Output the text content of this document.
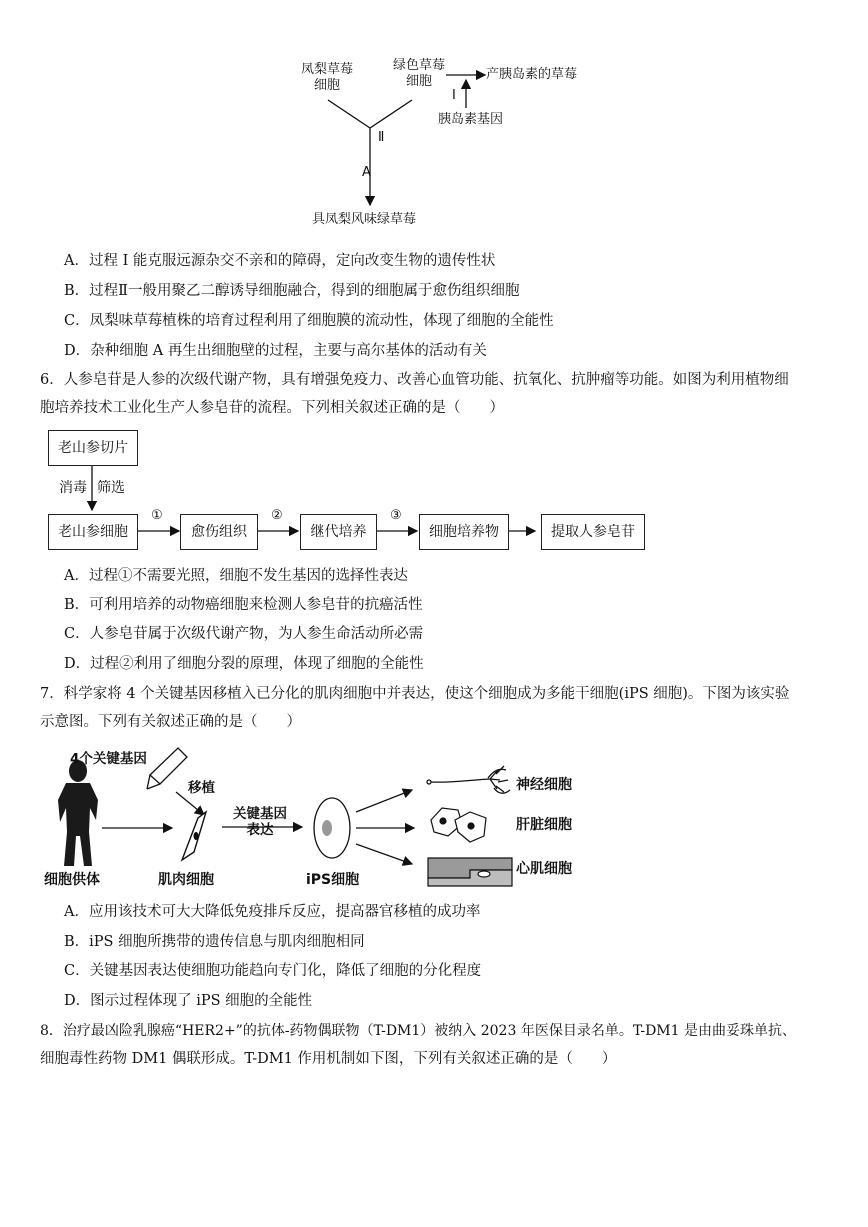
凤梨草莓
细胞
绿色草莓
细胞	产胰岛素的草莓
I
胰岛素基因
Ⅱ
A
具凤梨风味绿草莓
A．过程 I 能克服远源杂交不亲和的障碍，定向改变生物的遗传性状
B．过程Ⅱ一般用聚乙二醇诱导细胞融合，得到的细胞属于愈伤组织细胞
C．凤梨味草莓植株的培育过程利用了细胞膜的流动性，体现了细胞的全能性
D．杂种细胞 A 再生出细胞壁的过程，主要与高尔基体的活动有关
6．人参皂苷是人参的次级代谢产物，具有增强免疫力、改善心血管功能、抗氧化、抗肿瘤等功能。如图为利用植物细
胞培养技术工业化生产人参皂苷的流程。下列相关叙述正确的是（　　）
老山参切片
消毒 筛选
老山参细胞
①
愈伤组织
②
继代培养
③
细胞培养物	提取人参皂苷
A．过程①不需要光照，细胞不发生基因的选择性表达
B．可利用培养的动物癌细胞来检测人参皂苷的抗癌活性
C．人参皂苷属于次级代谢产物，为人参生命活动所必需
D．过程②利用了细胞分裂的原理，体现了细胞的全能性
7．科学家将 4 个关键基因移植入已分化的肌肉细胞中并表达，使这个细胞成为多能干细胞(iPS 细胞)。下图为该实验
示意图。下列有关叙述正确的是（　　）
4个关键基因
移植
关键基因
表达
细胞供体	肌肉细胞	iPS细胞
神经细胞
肝脏细胞
心肌细胞
A．应用该技术可大大降低免疫排斥反应，提高器官移植的成功率
B．iPS 细胞所携带的遗传信息与肌肉细胞相同
C．关键基因表达使细胞功能趋向专门化，降低了细胞的分化程度
D．图示过程体现了 iPS 细胞的全能性
8．治疗最凶险乳腺癌“HER2+”的抗体-药物偶联物（T-DM1）被纳入 2023 年医保目录名单。T-DM1 是由曲妥珠单抗、
细胞毒性药物 DM1 偶联形成。T-DM1 作用机制如下图，下列有关叙述正确的是（　　）
